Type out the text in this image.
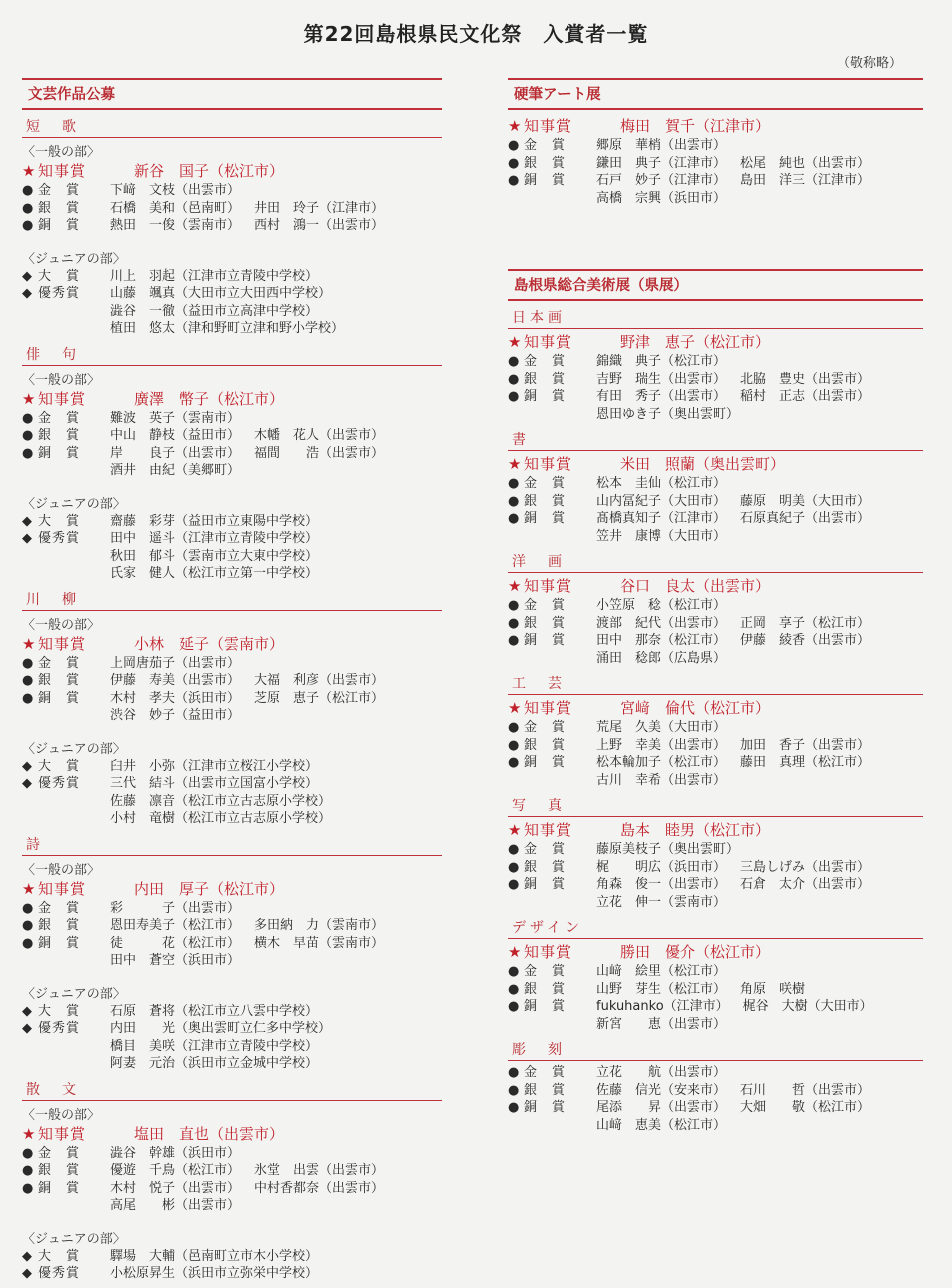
第22回島根県民文化祭　入賞者一覧
（敬称略）
文芸作品公募
短　歌
〈一般の部〉
★ 知事賞	新谷　国子（松江市）
● 金　賞	下﨑　文枝（出雲市）
● 銀　賞	石橋　美和（邑南町） 井田　玲子（江津市）
● 銅　賞	熱田　一俊（雲南市） 西村　鴻一（出雲市）
〈ジュニアの部〉
◆ 大　賞	川上　羽起（江津市立青陵中学校）
◆ 優秀賞	山藤　颯真（大田市立大田西中学校）
澁谷　一徹（益田市立高津中学校）
植田　悠太（津和野町立津和野小学校）
俳　句
〈一般の部〉
★ 知事賞	廣澤　幣子（松江市）
● 金　賞	難波　英子（雲南市）
● 銀　賞	中山　静枝（益田市） 木幡　花人（出雲市）
● 銅　賞	岸　　良子（出雲市） 福間　　浩（出雲市）
酒井　由紀（美郷町）
〈ジュニアの部〉
◆ 大　賞	齋藤　彩芽（益田市立東陽中学校）
◆ 優秀賞	田中　遥斗（江津市立青陵中学校）
秋田　郁斗（雲南市立大東中学校）
氏家　健人（松江市立第一中学校）
川　柳
〈一般の部〉
★ 知事賞	小林　延子（雲南市）
● 金　賞	上岡唐茄子（出雲市）
● 銀　賞	伊藤　寿美（出雲市） 大福　利彦（出雲市）
● 銅　賞	木村　孝夫（浜田市） 芝原　恵子（松江市）
渋谷　妙子（益田市）
〈ジュニアの部〉
◆ 大　賞	臼井　小弥（江津市立桜江小学校）
◆ 優秀賞	三代　結斗（出雲市立国富小学校）
佐藤　凛音（松江市立古志原小学校）
小村　竜樹（松江市立古志原小学校）
詩
〈一般の部〉
★ 知事賞	内田　厚子（松江市）
● 金　賞	彩　　　子（出雲市）
● 銀　賞	恩田寿美子（松江市） 多田納　力（雲南市）
● 銅　賞	徒　　　花（松江市） 横木　早苗（雲南市）
田中　蒼空（浜田市）
〈ジュニアの部〉
◆ 大　賞	石原　蒼将（松江市立八雲中学校）
◆ 優秀賞	内田　　光（奥出雲町立仁多中学校）
橋目　美咲（江津市立青陵中学校）
阿妻　元治（浜田市立金城中学校）
散　文
〈一般の部〉
★ 知事賞	塩田　直也（出雲市）
● 金　賞	澁谷　幹雄（浜田市）
● 銀　賞	優遊　千鳥（松江市） 氷堂　出雲（出雲市）
● 銅　賞	木村　悦子（出雲市） 中村香都奈（出雲市）
高尾　　彬（出雲市）
〈ジュニアの部〉
◆ 大　賞	驛場　大輔（邑南町立市木小学校）
◆ 優秀賞	小松原昇生（浜田市立弥栄中学校）
硬筆アート展
★ 知事賞	梅田　賀千（江津市）
● 金　賞	郷原　華梢（出雲市）
● 銀　賞	鎌田　典子（江津市） 松尾　純也（出雲市）
● 銅　賞	石戸　妙子（江津市） 島田　洋三（江津市）
高橋　宗興（浜田市）
島根県総合美術展（県展）
日本画
★ 知事賞	野津　恵子（松江市）
● 金　賞	錦織　典子（松江市）
● 銀　賞	吉野　瑞生（出雲市） 北脇　豊史（出雲市）
● 銅　賞	有田　秀子（出雲市） 稲村　正志（出雲市）
恩田ゆき子（奥出雲町）
書
★ 知事賞	米田　照蘭（奥出雲町）
● 金　賞	松本　圭仙（松江市）
● 銀　賞	山内冨紀子（大田市） 藤原　明美（大田市）
● 銅　賞	髙橋真知子（江津市） 石原真紀子（出雲市）
笠井　康博（大田市）
洋　画
★ 知事賞	谷口　良太（出雲市）
● 金　賞	小笠原　稔（松江市）
● 銀　賞	渡部　紀代（出雲市） 正岡　享子（松江市）
● 銅　賞	田中　那奈（松江市） 伊藤　綾香（出雲市）
涌田　稔郎（広島県）
工　芸
★ 知事賞	宮﨑　倫代（松江市）
● 金　賞	荒尾　久美（大田市）
● 銀　賞	上野　幸美（出雲市） 加田　香子（出雲市）
● 銅　賞	松本輪加子（松江市） 藤田　真理（松江市）
古川　幸希（出雲市）
写　真
★ 知事賞	島本　睦男（松江市）
● 金　賞	藤原美枝子（奥出雲町）
● 銀　賞	梶　　明広（浜田市） 三島しげみ（出雲市）
● 銅　賞	角森　俊一（出雲市） 石倉　太介（出雲市）
立花　伸一（雲南市）
デザイン
★ 知事賞	勝田　優介（松江市）
● 金　賞	山﨑　絵里（松江市）
● 銀　賞	山野　芽生（松江市） 角原　咲樹
● 銅　賞	fukuhanko（江津市） 梶谷　大樹（大田市）
新宮　　恵（出雲市）
彫　刻
● 金　賞	立花　　航（出雲市）
● 銀　賞	佐藤　信光（安来市） 石川　　哲（出雲市）
● 銅　賞	尾添　　昇（出雲市） 大畑　　敬（松江市）
山﨑　恵美（松江市）
